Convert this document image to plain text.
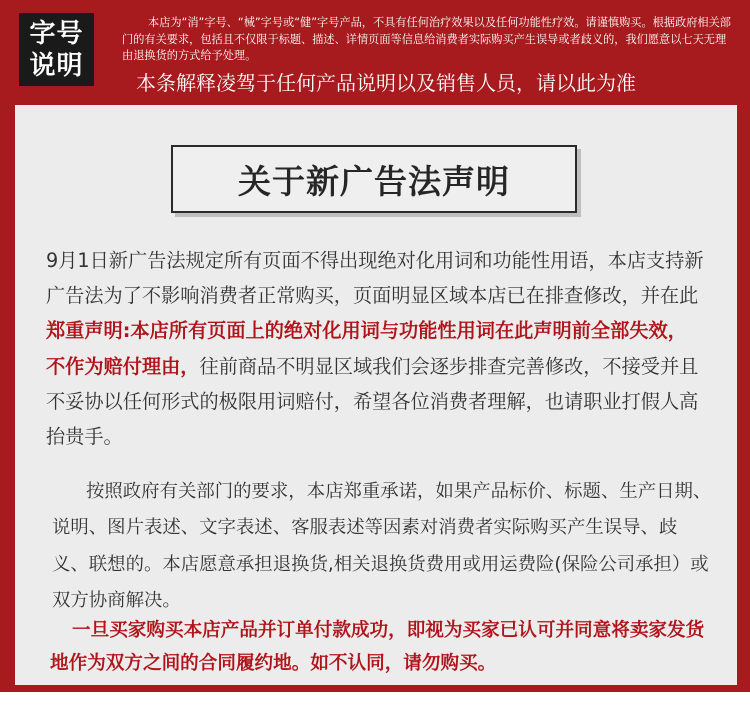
字号
说明
本店为“消”字号、“械”字号或“健”字号产品，不具有任何治疗效果以及任何功能性疗效。请谨慎购买。根据政府相关部门的有关要求，包括且不仅限于标题、描述、详情页面等信息给消费者实际购买产生误导或者歧义的，我们愿意以七天无理由退换货的方式给予处理。
本条解释凌驾于任何产品说明以及销售人员，请以此为准
关于新广告法声明
9月1日新广告法规定所有页面不得出现绝对化用词和功能性用语，本店支持新广告法为了不影响消费者正常购买，页面明显区域本店已在排查修改，并在此郑重声明:本店所有页面上的绝对化用词与功能性用词在此声明前全部失效，不作为赔付理由，往前商品不明显区域我们会逐步排查完善修改，不接受并且不妥协以任何形式的极限用词赔付，希望各位消费者理解，也请职业打假人高抬贵手。
按照政府有关部门的要求，本店郑重承诺，如果产品标价、标题、生产日期、说明、图片表述、文字表述、客服表述等因素对消费者实际购买产生误导、歧义、联想的。本店愿意承担退换货,相关退换货费用或用运费险(保险公司承担）或双方协商解决。
一旦买家购买本店产品并订单付款成功，即视为买家已认可并同意将卖家发货地作为双方之间的合同履约地。如不认同，请勿购买。
